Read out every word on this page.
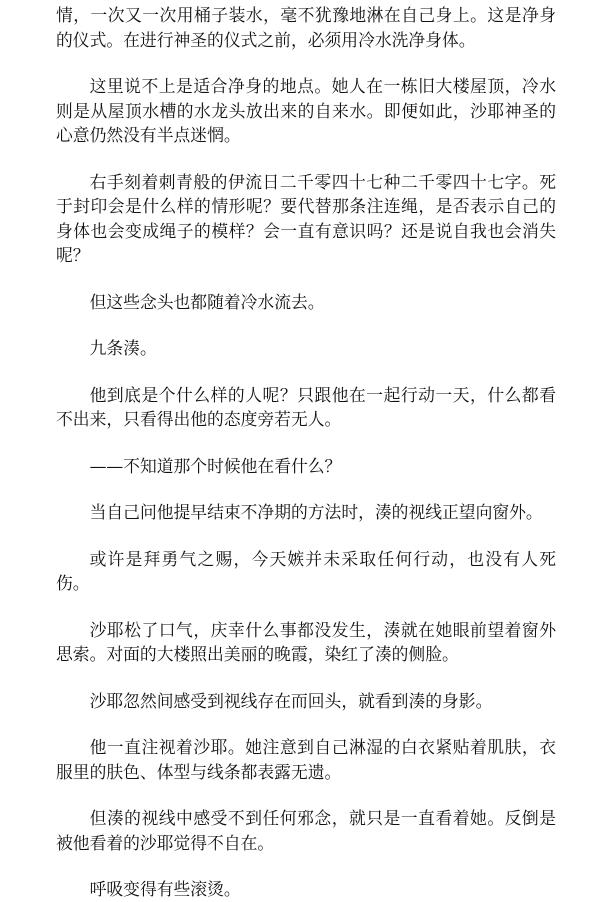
情，一次又一次用桶子装水，毫不犹豫地淋在自己身上。这是净身的仪式。在进行神圣的仪式之前，必须用冷水洗净身体。

这里说不上是适合净身的地点。她人在一栋旧大楼屋顶，冷水则是从屋顶水槽的水龙头放出来的自来水。即便如此，沙耶神圣的心意仍然没有半点迷惘。

右手刻着刺青般的伊流日二千零四十七种二千零四十七字。死于封印会是什么样的情形呢？要代替那条注连绳，是否表示自己的身体也会变成绳子的模样？会一直有意识吗？还是说自我也会消失呢？

但这些念头也都随着冷水流去。

九条湊。

他到底是个什么样的人呢？只跟他在一起行动一天，什么都看不出来，只看得出他的态度旁若无人。

——不知道那个时候他在看什么？

当自己问他提早结束不净期的方法时，湊的视线正望向窗外。

或许是拜勇气之赐，今天嫉并未采取任何行动，也没有人死伤。

沙耶松了口气，庆幸什么事都没发生，湊就在她眼前望着窗外思索。对面的大楼照出美丽的晚霞，染红了湊的侧脸。

沙耶忽然间感受到视线存在而回头，就看到湊的身影。

他一直注视着沙耶。她注意到自己淋湿的白衣紧贴着肌肤，衣服里的肤色、体型与线条都表露无遗。

但湊的视线中感受不到任何邪念，就只是一直看着她。反倒是被他看着的沙耶觉得不自在。

呼吸变得有些滚烫。
